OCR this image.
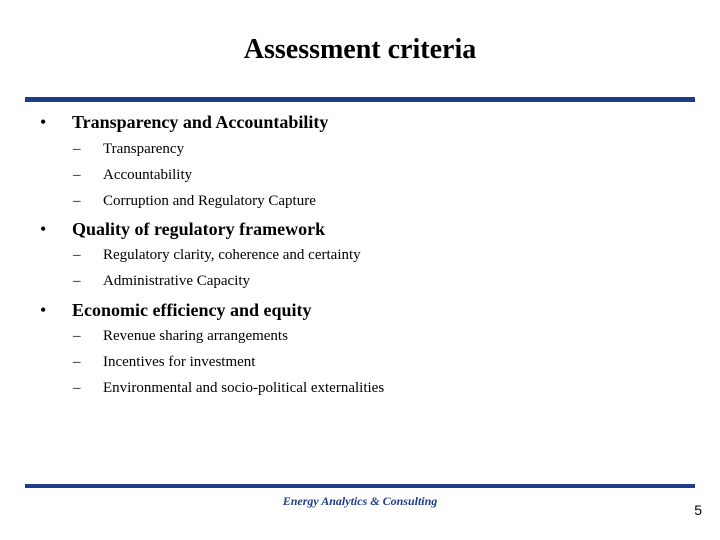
Assessment criteria
• Transparency and Accountability
– Transparency
– Accountability
– Corruption and Regulatory Capture
• Quality of regulatory framework
– Regulatory clarity, coherence and certainty
– Administrative Capacity
• Economic efficiency and equity
– Revenue sharing arrangements
– Incentives for investment
– Environmental and socio-political externalities
Energy Analytics & Consulting
5
